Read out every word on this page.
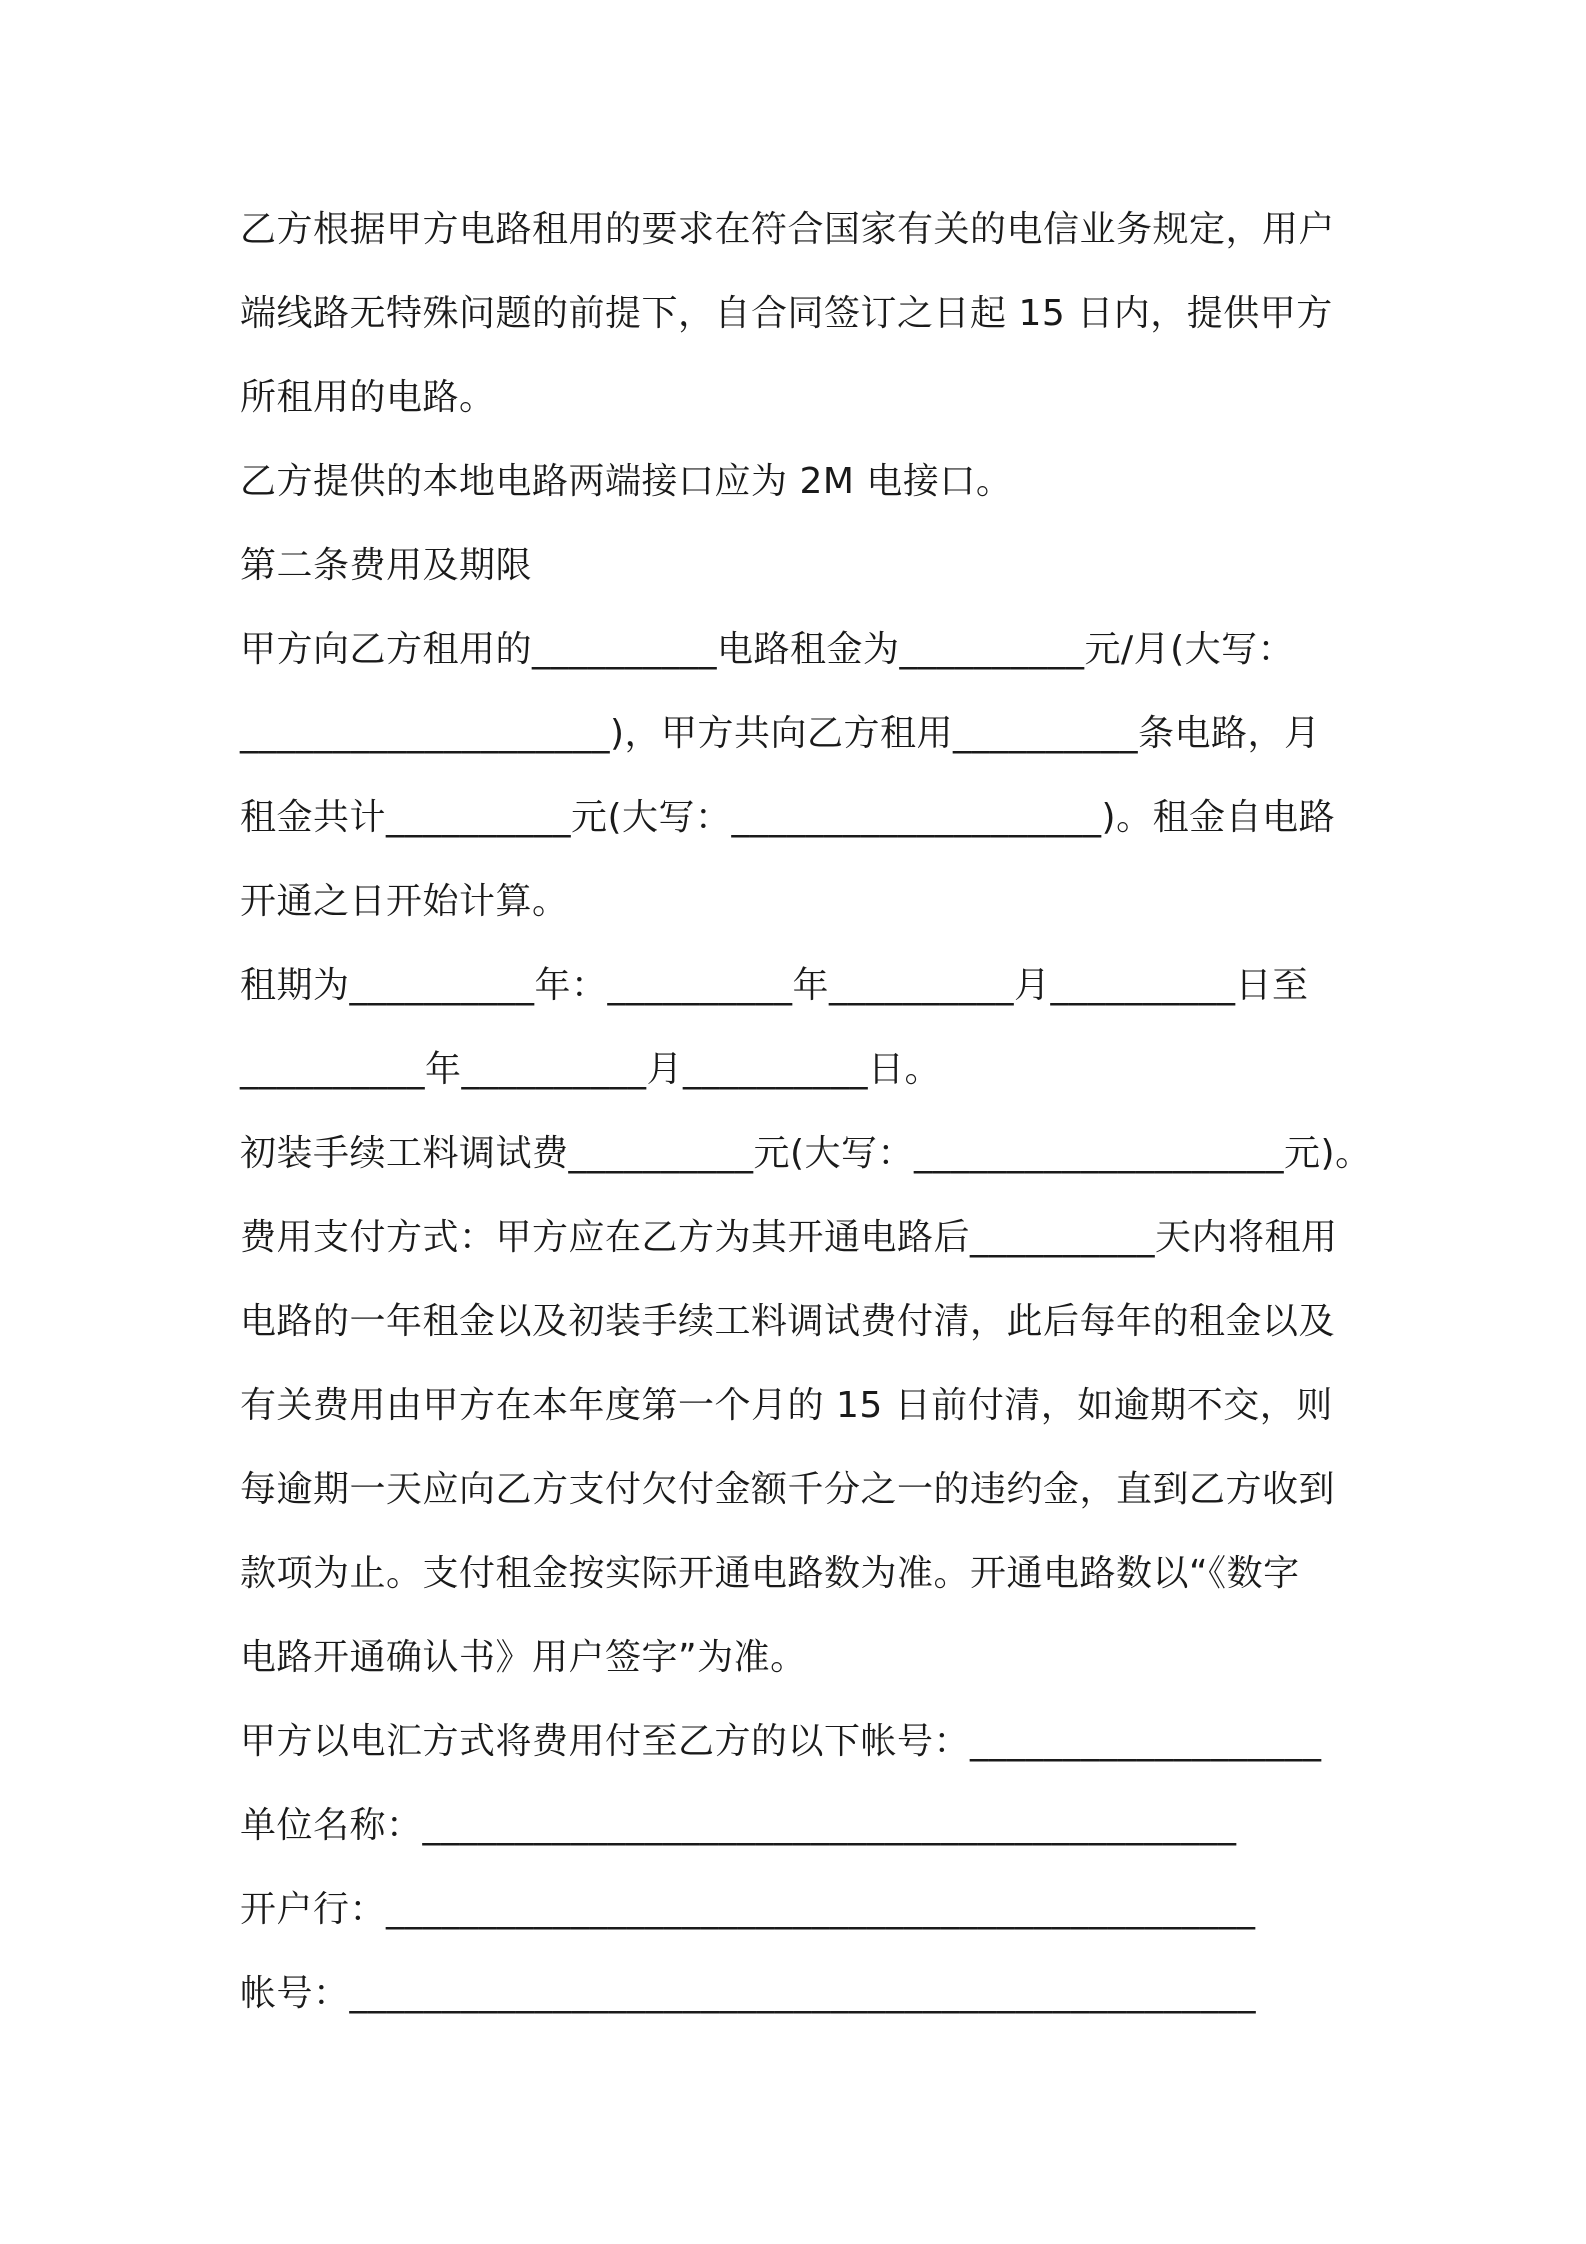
乙方根据甲方电路租用的要求在符合国家有关的电信业务规定，用户
端线路无特殊问题的前提下，自合同签订之日起 15 日内，提供甲方
所租用的电路。
乙方提供的本地电路两端接口应为 2M 电接口。
第二条费用及期限
甲方向乙方租用的__________电路租金为__________元/月(大写：
____________________)，甲方共向乙方租用__________条电路，月
租金共计__________元(大写：____________________)。租金自电路
开通之日开始计算。
租期为__________年：__________年__________月__________日至
__________年__________月__________日。
初装手续工料调试费__________元(大写：____________________元)。
费用支付方式：甲方应在乙方为其开通电路后__________天内将租用
电路的一年租金以及初装手续工料调试费付清，此后每年的租金以及
有关费用由甲方在本年度第一个月的 15 日前付清，如逾期不交，则
每逾期一天应向乙方支付欠付金额千分之一的违约金，直到乙方收到
款项为止。支付租金按实际开通电路数为准。开通电路数以“《数字
电路开通确认书》用户签字”为准。
甲方以电汇方式将费用付至乙方的以下帐号：___________________
单位名称：____________________________________________
开户行：_______________________________________________
帐号：_________________________________________________
